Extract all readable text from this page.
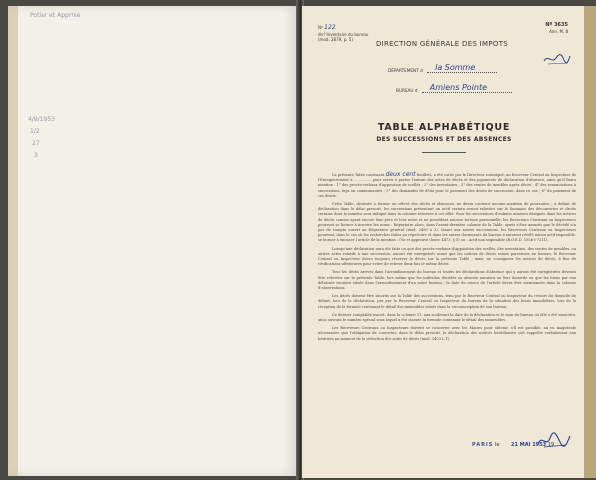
Potier et Apprrse
4/9/1953
1/2
27
3
Nº 122
de l'Inventaire du bureau
(mod. 2879, p. 5)
DIRECTION GÉNÉRALE DES IMPOTS
Nº 3635
Ann. M. 8
DÉPARTEMENT d la Somme
BUREAU d Amiens Pointe
TABLE ALPHABÉTIQUE
DES SUCCESSIONS ET DES ABSENCES

La présente Table contenant deux cent feuillets, a été cotée par le Directeur soussigné, au Receveur Central ou Inspecteur de l'Enregistrement à ............... pour servir à porter l'extrait des actes de décès et des jugements de déclaration d'absence, ainsi qu'il finira mention : 1° des procès-verbaux d'apposition de scellés ; 2° des inventaires ; 3° des ventes de meubles après décès ; 4° des renonciations à successions, legs ou communautés ; 5° des demandes de délai pour le paiement des droits de succession, dans ce cas ; 6° du paiement de ces droits.

Cette Table, destinée à former un rélevé des décès et absences, ne devra contenir aucune mention de poursuites ; à défaut de déclaration dans le délai prescrit, les successions présentant un actif certain seront relevées sur le Sommier des découvertes et droits certains dont le numéro sera indiqué dans la colonne réservée à cet effet. Pour les successions d'enfants mineurs désignés dans les notices de décès comme ayant encore leur père et leur mère et ne possédant aucune fortune personnelle, les Receveurs Centraux ou Inspecteurs pourront se borner à inscrire les noms : Répertoire alors, dans l'avant-dernière colonne de la Table, après s'être assurés que le décédé n'a pas de compte ouvert au Répertoire général (mod. 2490 à 2). Quant aux autres successions, les Receveurs Centraux ou Inspecteurs pourront, dans le cas où les recherches faites au répertoire et dans les autres documents du bureau n'auraient révélé aucun actif imposable, se borner à énoncer l'article de la mention : (Vu et approuvé (Instr. 4473, § 5) ou : Actif non imposable (B.O.E.D. 1956-I-7211).

Lorsqu'une déclaration aura été faite ou que des procès-verbaux d'apposition des scellés, des inventaires, des ventes de meubles, ou autres actes relatifs à une succession, auront été enregistrés avant que les notices de décès soient parvenues au bureau, le Receveur Central ou Inspecteur devra toujours réserver le décès sur la présente Table ; mais, ne consignera les notices de décès, à fins de vérifications ultérieures pour éviter de relever deux fois le même décès.

Tous les décès arrivés dans l'arrondissement du bureau et toutes les déclarations d'absence qui y auront été enregistrées devront être relevées sur la présente Table, lors même que les individus décédés ou absents auraient eu leur domicile ou que les biens par eux délaissés seraient situés dans l'arrondissement d'un autre bureau ; la date du renvoi de l'article devra être mentionnée dans la colonne d'observations.

Les décès doivent être inscrits sur la Table des successions, tenu par le Receveur Central ou Inspecteur du ressort du domicile du défunt, lors de la déclaration, par par le Receveur Central ou Inspecteur du bureau de la situation des biens immobiliers, lors de la réception de la formule contenant le détail des immeubles situés dans la circonscription de son bureau.

Ce dernier comptable inscrit, dans la colonne 11, aux soulevant la date de la déclaration et le nom du bureau où elle a été souscrite, ainsi ouvrant le numéro spécial sous lequel a été classée la formule contenant le détail des immeubles.

Les Receveurs Centraux ou Inspecteurs doivent se concerter avec les Maires pour obtenir, s'il est possible, au vu magistrale nécessaires que l'obligation de concerter, dans le délai prescrit, la déclaration des notices héréditaires soit rappelée verbalement aux héritiers au moment de la réduction des actes de décès (mod. 2403 L.T).

PARIS le 21 MAI 1953 19
